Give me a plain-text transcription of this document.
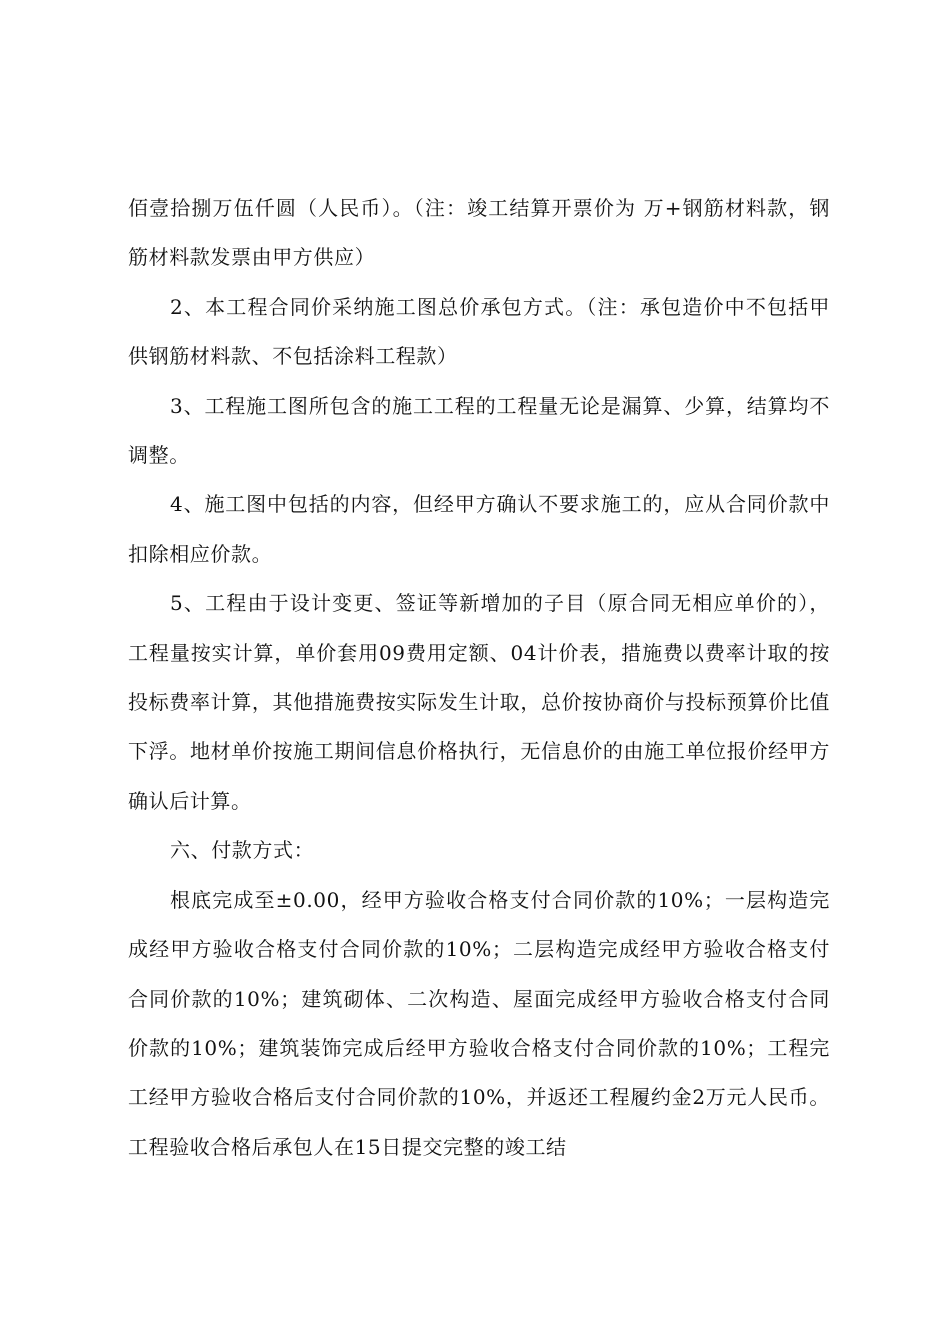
佰壹拾捌万伍仟圆（人民币）。（注：竣工结算开票价为 万+钢筋材料款，钢筋材料款发票由甲方供应）

2、本工程合同价采纳施工图总价承包方式。（注：承包造价中不包括甲供钢筋材料款、不包括涂料工程款）

3、工程施工图所包含的施工工程的工程量无论是漏算、少算，结算均不调整。

4、施工图中包括的内容，但经甲方确认不要求施工的，应从合同价款中扣除相应价款。

5、工程由于设计变更、签证等新增加的子目（原合同无相应单价的），工程量按实计算，单价套用09费用定额、04计价表，措施费以费率计取的按投标费率计算，其他措施费按实际发生计取，总价按协商价与投标预算价比值下浮。地材单价按施工期间信息价格执行，无信息价的由施工单位报价经甲方确认后计算。

六、付款方式：

根底完成至±0.00，经甲方验收合格支付合同价款的10%；一层构造完成经甲方验收合格支付合同价款的10%；二层构造完成经甲方验收合格支付合同价款的10%；建筑砌体、二次构造、屋面完成经甲方验收合格支付合同价款的10%；建筑装饰完成后经甲方验收合格支付合同价款的10%；工程完工经甲方验收合格后支付合同价款的10%，并返还工程履约金2万元人民币。工程验收合格后承包人在15日提交完整的竣工结
